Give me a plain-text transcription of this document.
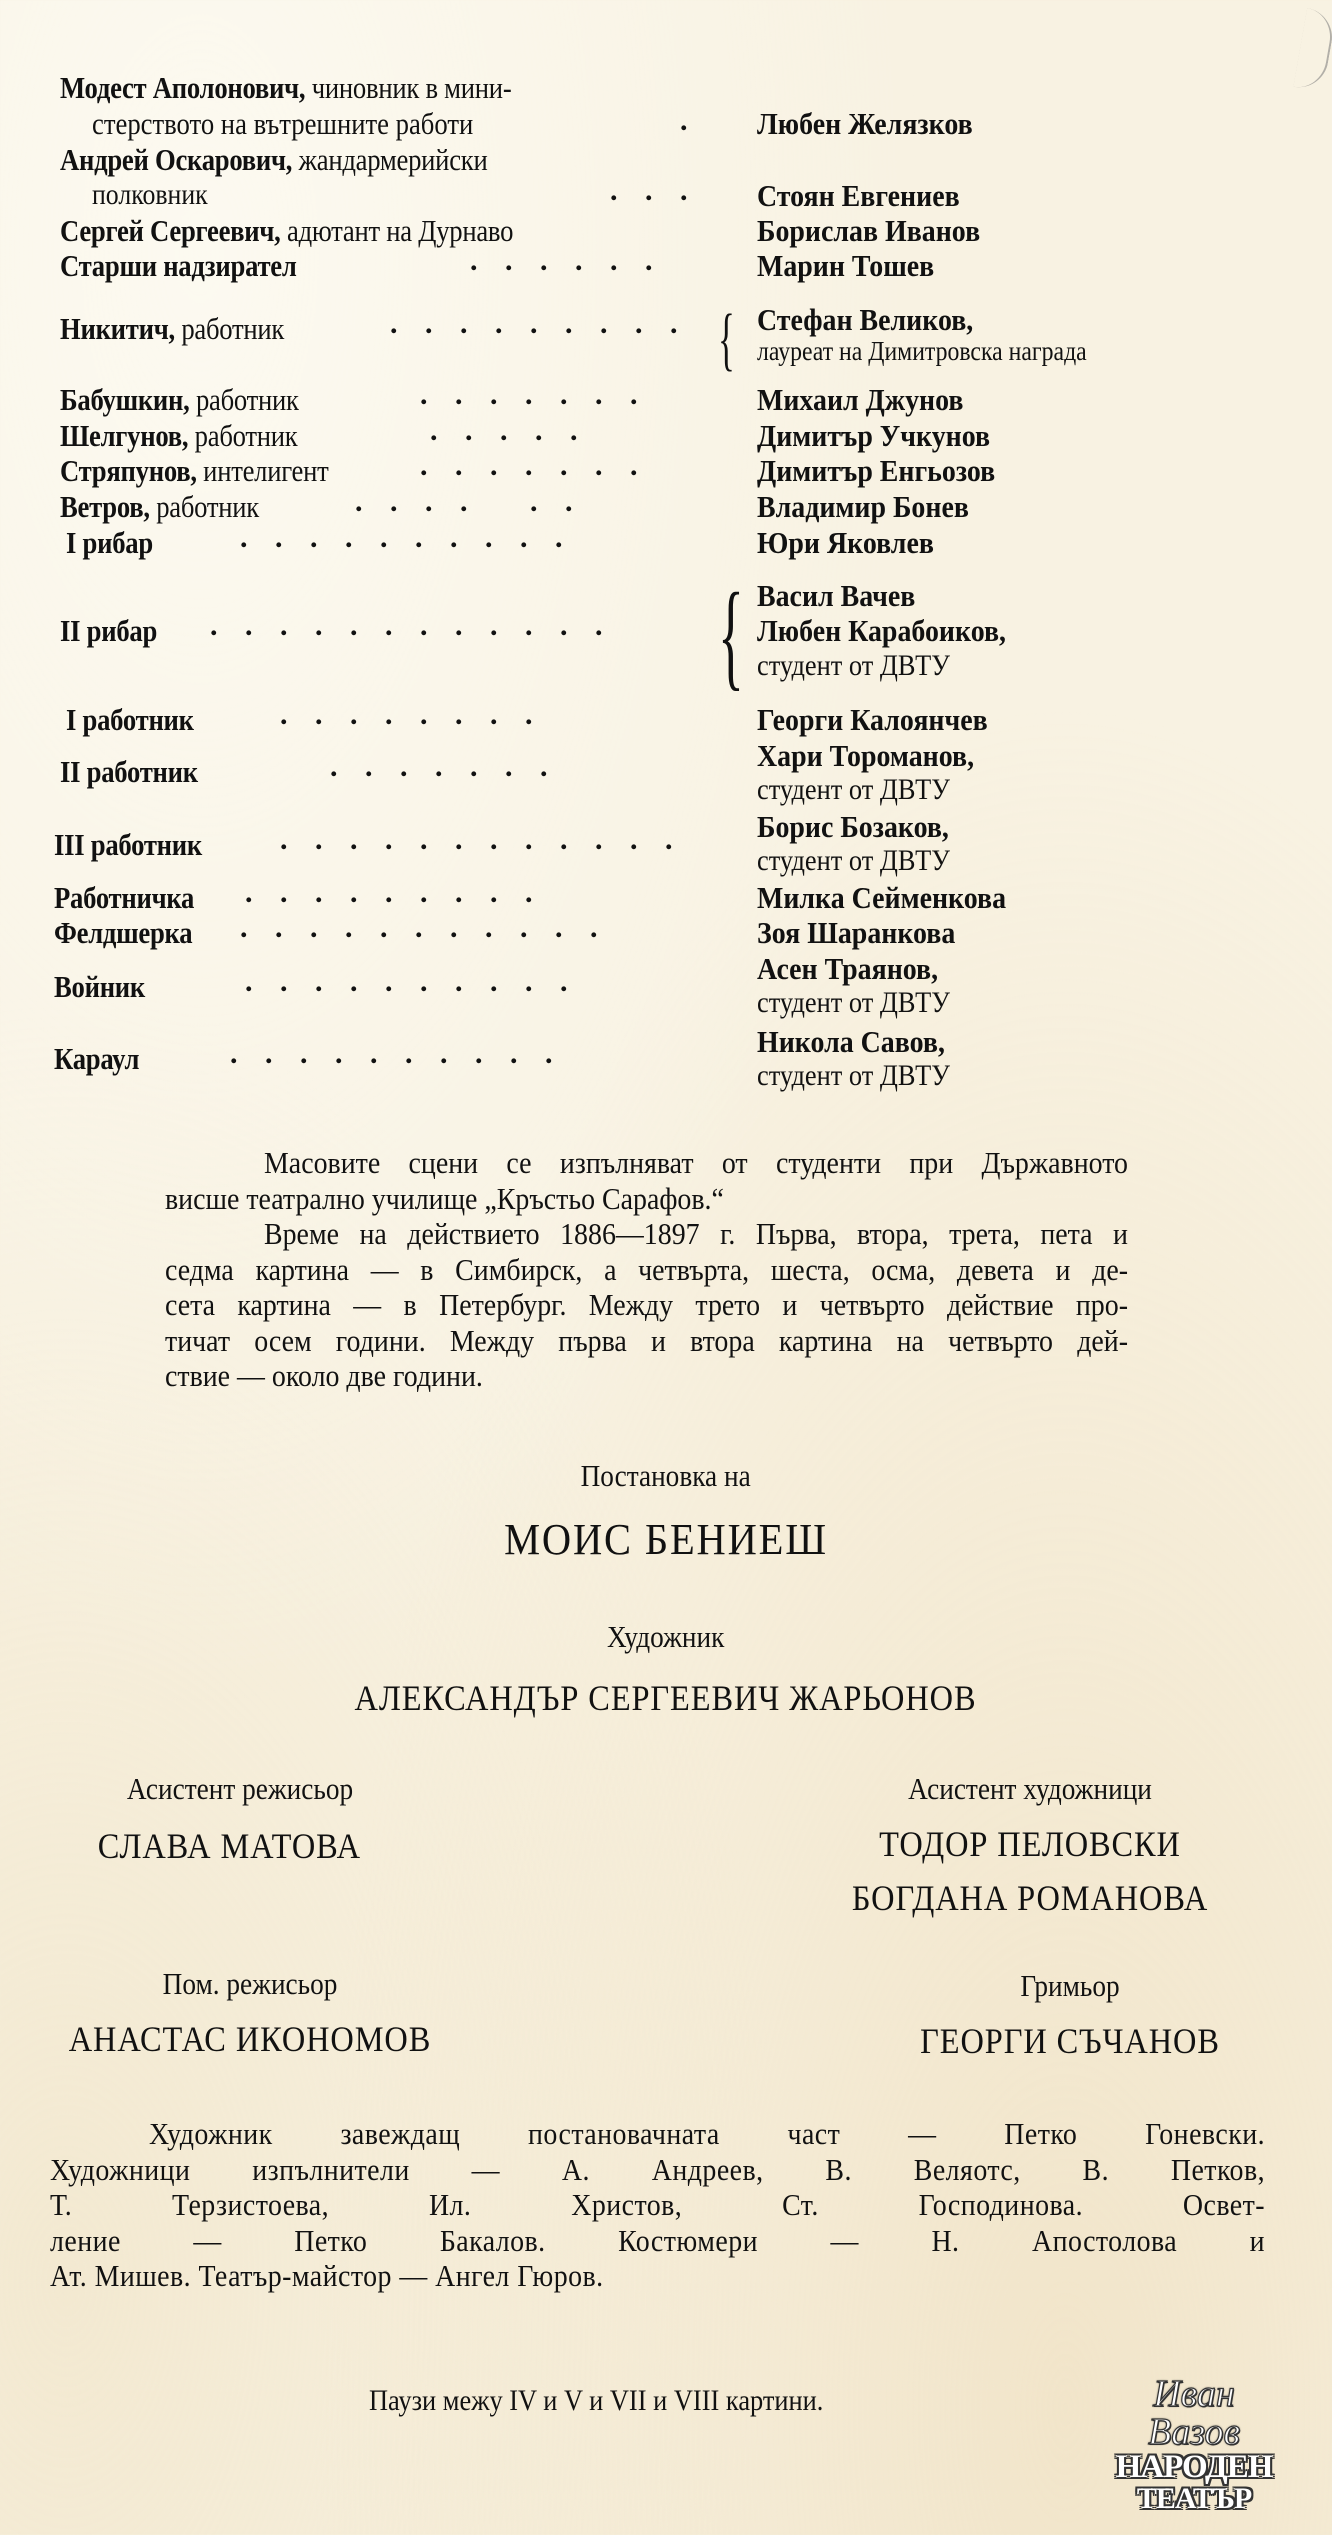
Модест Аполонович, чиновник в мини-
стерството на вътрешните работи	. Любен Желязков
Андрей Оскарович, жандармерийски
полковник	. . . Стоян Евгениев
Сергей Сергеевич, адютант на Дурнаво	Борислав Иванов
Старши надзирател	. . . . . .	Марин Тошев
Никитич, работник	. . . . . . . . . { Стефан Великов,
лауреат на Димитровска награда
Бабушкин, работник	. . . . . . .	Михаил Джунов
Шелгунов, работник	. . . . .	Димитър Учкунов
Стряпунов, интелигент	. . . . . . .	Димитър Енгьозов
Ветров, работник	. . . .   . .	Владимир Бонев
I рибар	. . . . . . . . . .	Юри Яковлев
II рибар . . . . . . . . . . . . { Васил Вачев
Любен Карабоиков,
студент от ДВТУ
I работник	. . . . . . . .	Георги Калоянчев
II работник	. . . . . . .	Хари Тороманов,
студент от ДВТУ
III работник	. . . . . . . . . . . . Борис Бозаков,
студент от ДВТУ
Работничка . . . . . . . . .	Милка Сейменкова
Фелдшерка . . . . . . . . . . .	Зоя Шаранкова
Войник	. . . . . . . . . .	Асен Траянов,
студент от ДВТУ
Караул	. . . . . . . . . .	Никола Савов,
студент от ДВТУ
Масовите сцени се изпълняват от студенти при Държавното
висше театрално училище „Кръстьо Сарафов.“
Време на действието 1886—1897 г. Първа, втора, трета, пета и
седма картина — в Симбирск, а четвърта, шеста, осма, девета и де-
сета картина — в Петербург. Между трето и четвърто действие про-
тичат осем години. Между първа и втора картина на четвърто дей-
ствие — около две години.
Постановка на
МОИС БЕНИЕШ
Художник
АЛЕКСАНДЪР СЕРГЕЕВИЧ ЖАРЬОНОВ
Асистент режисьор
СЛАВА МАТОВА
Асистент художници
ТОДОР ПЕЛОВСКИ
БОГДАНА РОМАНОВА
Пом. режисьор
АНАСТАС ИКОНОМОВ
Гримьор
ГЕОРГИ СЪЧАНОВ
Художник завеждащ постановачната част — Петко Гоневски.
Художници изпълнители — А. Андреев, В. Веляотс, В. Петков,
Т. Терзистоева, Ил. Христов, Ст. Господинова. Освет-
ление — Петко Бакалов. Костюмери — Н. Апостолова и
Ат. Мишев. Театър-майстор — Ангел Гюров.
Паузи межу IV и V и VII и VIII картини.	Иван Вазов
НАРОДЕН
ТЕАТЪР
